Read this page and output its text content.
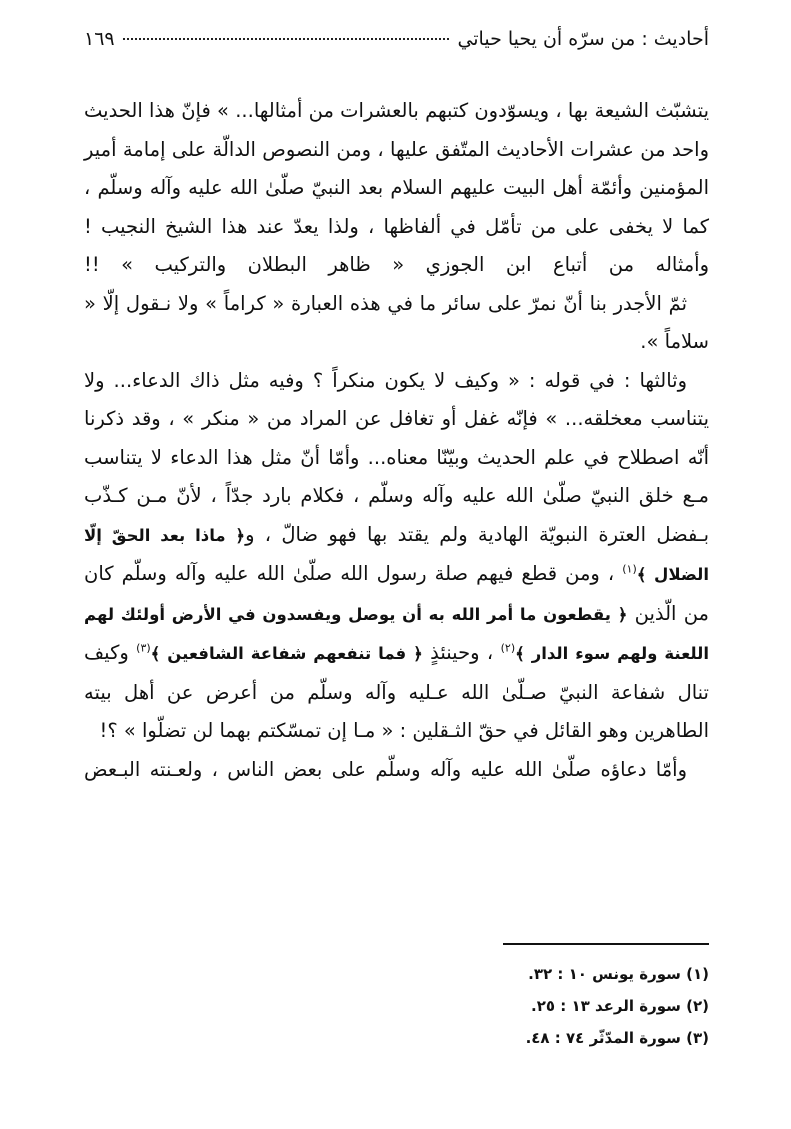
أحاديث : من سرّه أن يحيا حياتي
١٦٩

يتشبّث الشيعة بها ، ويسوّدون كتبهم بالعشرات من أمثالها... » فإنّ هذا الحديث واحد من عشرات الأحاديث المتّفق عليها ، ومن النصوص الدالّة على إمامة أمير المؤمنين وأئمّة أهل البيت عليهم السلام بعد النبيّ صلّىٰ الله عليه وآله وسلّم ، كما لا يخفى على من تأمّل في ألفاظها ، ولذا يعدّ عند هذا الشيخ النجيب ! وأمثاله من أتباع ابن الجوزي « ظاهر البطلان والتركيب » !!

ثمّ الأجدر بنا أنّ نمرّ على سائر ما في هذه العبارة « كراماً » ولا نـقول إلّا « سلاماً ».

وثالثها : في قوله : « وكيف لا يكون منكراً ؟ وفيه مثل ذاك الدعاء... ولا يتناسب معخلقه... » فإنّه غفل أو تغافل عن المراد من « منكر » ، وقد ذكرنا أنّه اصطلاح في علم الحديث وبيّنّا معناه... وأمّا أنّ مثل هذا الدعاء لا يتناسب مـع خلق النبيّ صلّىٰ الله عليه وآله وسلّم ، فكلام بارد جدّاً ، لأنّ مـن كـذّب بـفضل العترة النبويّة الهادية ولم يقتد بها فهو ضالّ ، و﴿ ماذا بعد الحقّ إلّا الضلال ﴾$^{(١)}$ ، ومن قطع فيهم صلة رسول الله صلّىٰ الله عليه وآله وسلّم كان من الّذين ﴿ يقطعون ما أمر الله به أن يوصل ويفسدون في الأرض أولئك لهم اللعنة ولهم سوء الدار ﴾$^{(٢)}$ ، وحينئذٍ ﴿ فما تنفعهم شفاعة الشافعين ﴾$^{(٣)}$ وكيف تنال شفاعة النبيّ صـلّىٰ الله عـليه وآله وسلّم من أعرض عن أهل بيته الطاهرين وهو القائل في حقّ الثـقلين : « مـا إن تمسّكتم بهما لن تضلّوا » ؟!

وأمّا دعاؤه صلّىٰ الله عليه وآله وسلّم على بعض الناس ، ولعـنته البـعض

(١) سورة يونس ١٠ : ٣٢.

(٢) سورة الرعد ١٣ : ٢٥.

(٣) سورة المدّثّر ٧٤ : ٤٨.
